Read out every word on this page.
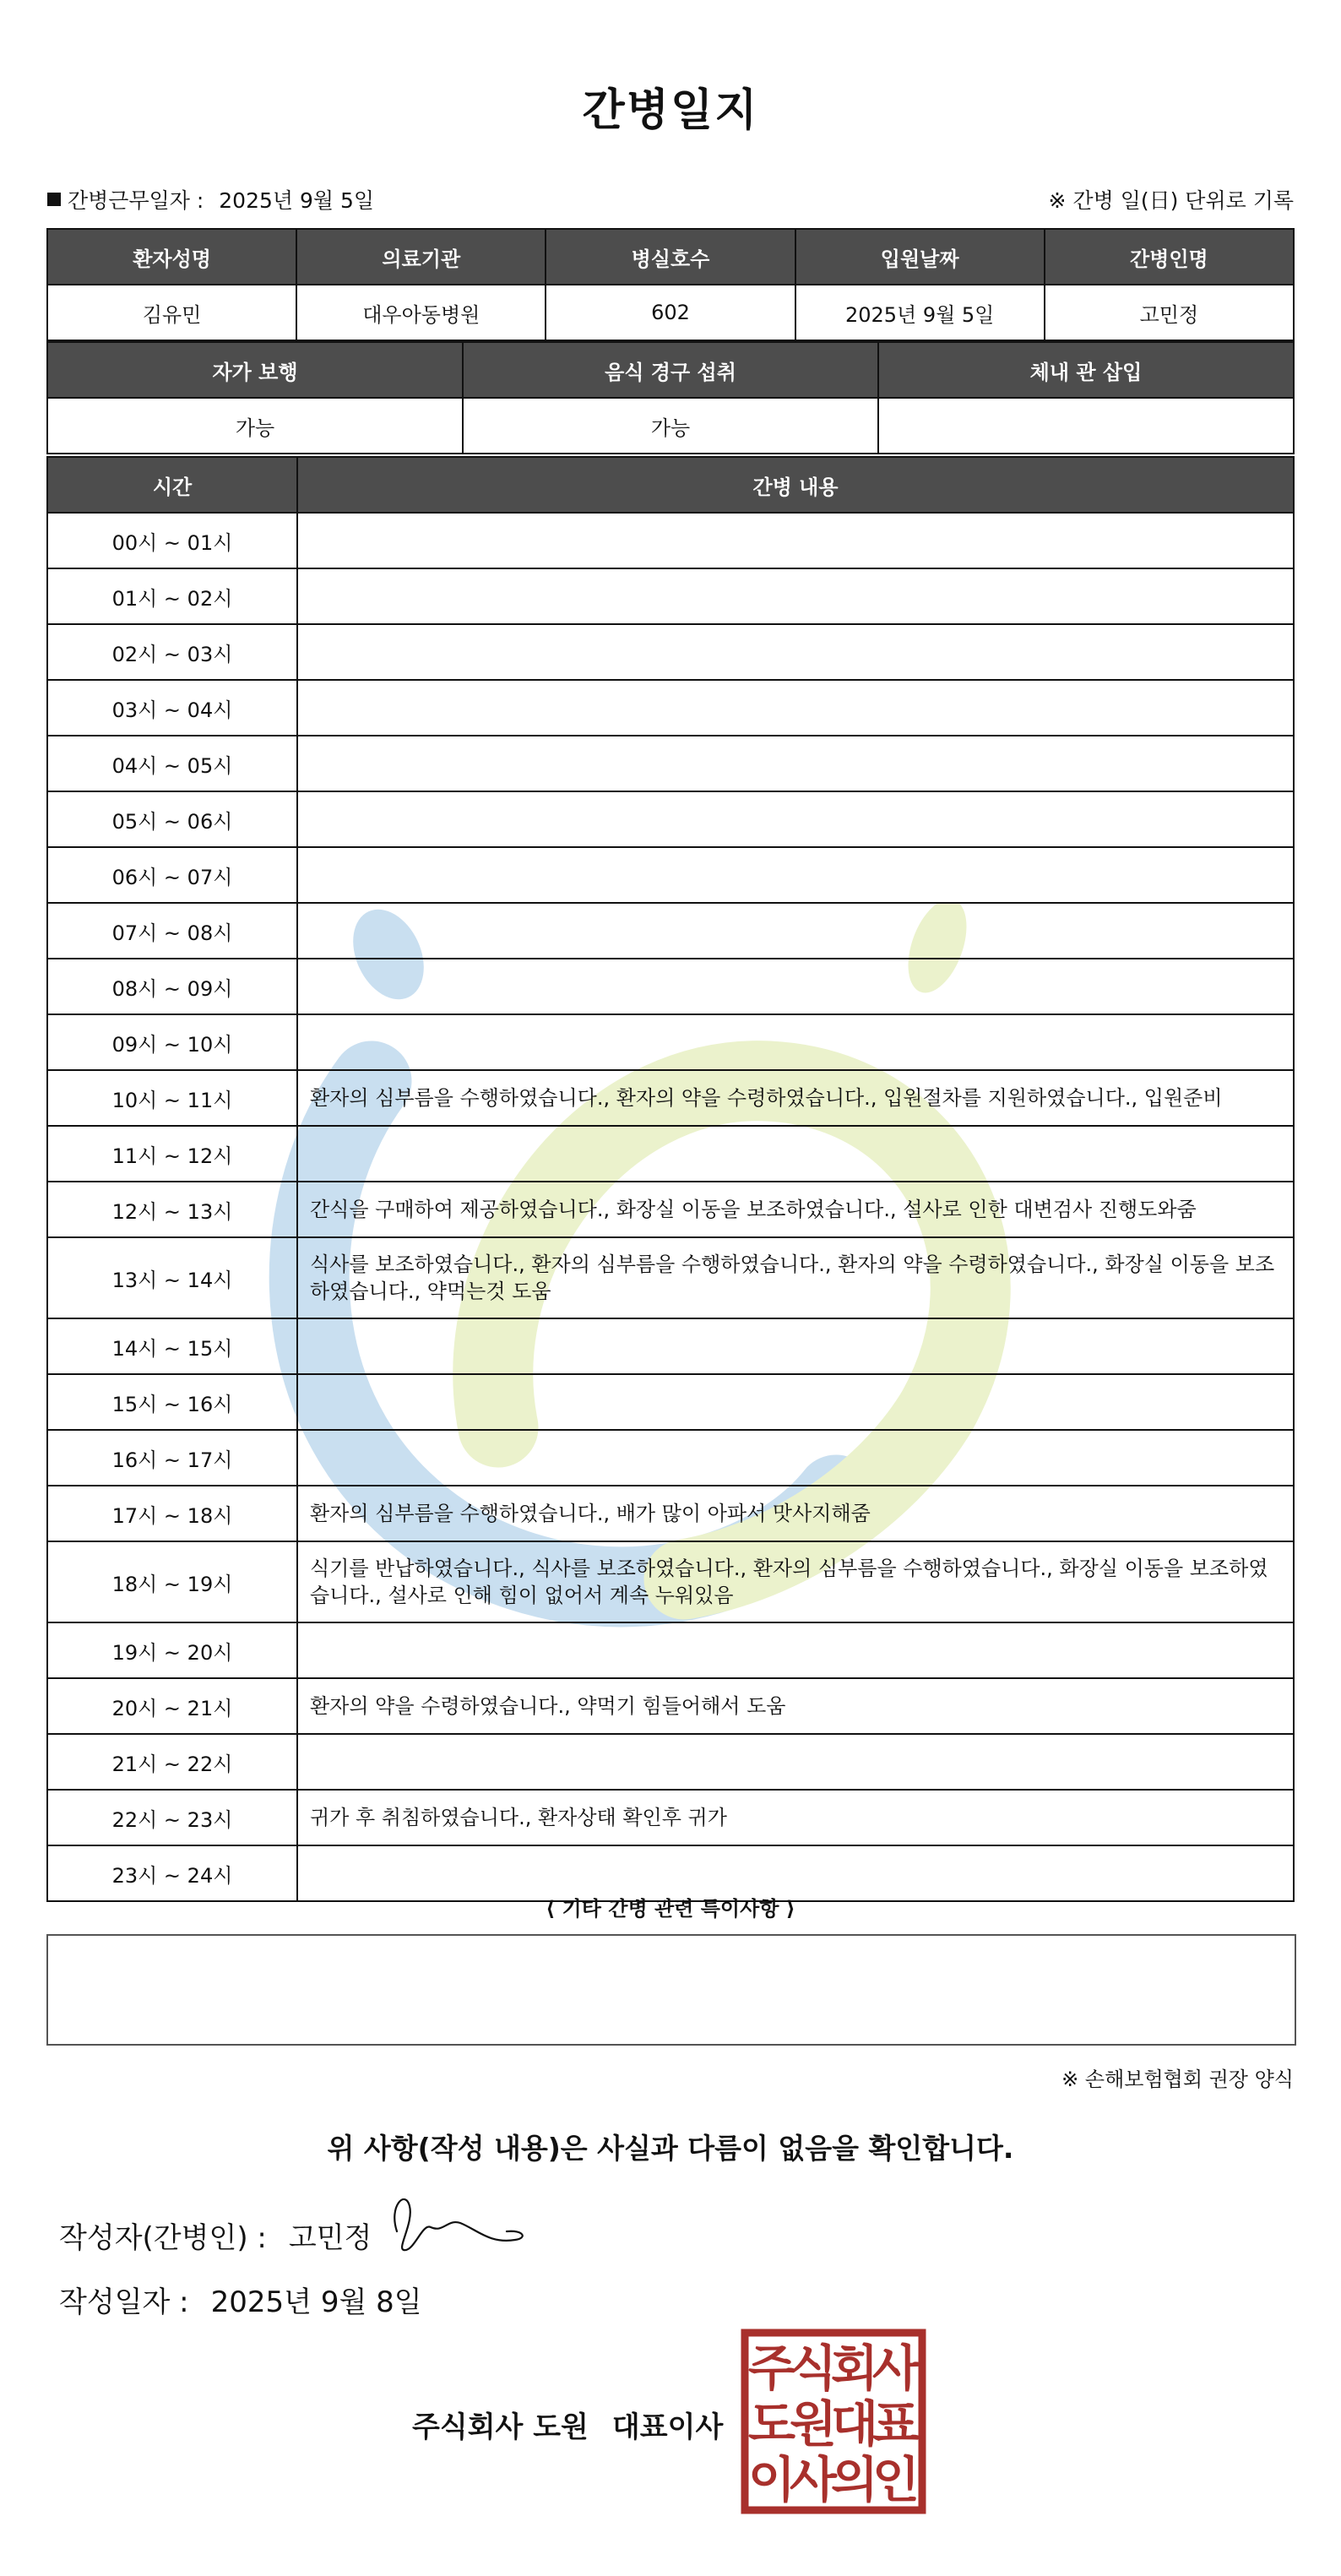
간병일지
간병근무일자 : 2025년 9월 5일	※ 간병 일(日) 단위로 기록
환자성명	의료기관	병실호수	입원날짜	간병인명
김유민	대우아동병원	602	2025년 9월 5일	고민정
자가 보행	음식 경구 섭취	체내 관 삽입
가능	가능	
시간	간병 내용
00시 ~ 01시	
01시 ~ 02시	
02시 ~ 03시	
03시 ~ 04시	
04시 ~ 05시	
05시 ~ 06시	
06시 ~ 07시	
07시 ~ 08시	
08시 ~ 09시	
09시 ~ 10시	
10시 ~ 11시	환자의 심부름을 수행하였습니다., 환자의 약을 수령하였습니다., 입원절차를 지원하였습니다., 입원준비
11시 ~ 12시	
12시 ~ 13시	간식을 구매하여 제공하였습니다., 화장실 이동을 보조하였습니다., 설사로 인한 대변검사 진행도와줌
13시 ~ 14시	식사를 보조하였습니다., 환자의 심부름을 수행하였습니다., 환자의 약을 수령하였습니다., 화장실 이동을 보조하였습니다., 약먹는것 도움
14시 ~ 15시	
15시 ~ 16시	
16시 ~ 17시	
17시 ~ 18시	환자의 심부름을 수행하였습니다., 배가 많이 아파서 맛사지해줌
18시 ~ 19시	식기를 반납하였습니다., 식사를 보조하였습니다., 환자의 심부름을 수행하였습니다., 화장실 이동을 보조하였습니다., 설사로 인해 힘이 없어서 계속 누워있음
19시 ~ 20시	
20시 ~ 21시	환자의 약을 수령하였습니다., 약먹기 힘들어해서 도움
21시 ~ 22시	
22시 ~ 23시	귀가 후 취침하였습니다., 환자상태 확인후 귀가
23시 ~ 24시	
⟨ 기타 간병 관련 특이사항 ⟩
※ 손해보험협회 권장 양식
위 사항(작성 내용)은 사실과 다름이 없음을 확인합니다.
작성자(간병인) : 고민정
작성일자 : 2025년 9월 8일
주식회사 도원 대표이사
주
식
회
사
도
원
대
표
이
사
의
인
